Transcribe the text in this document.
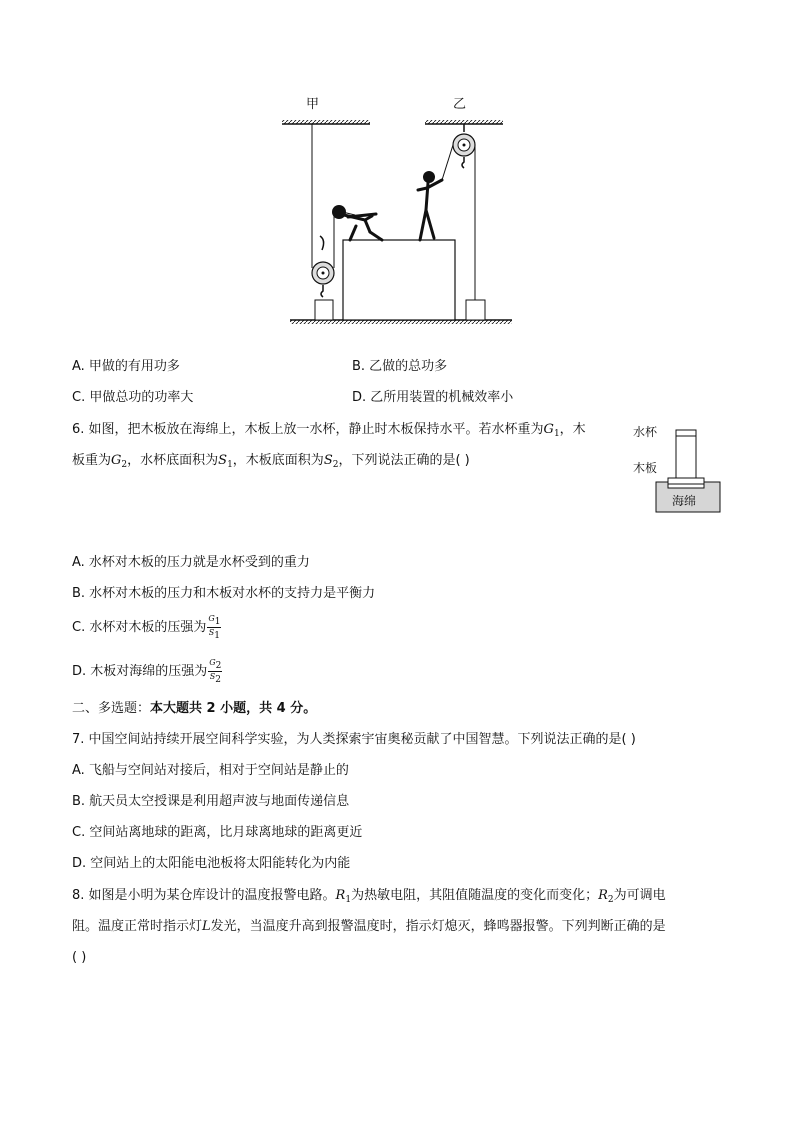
甲	乙
A. 甲做的有用功多	B. 乙做的总功多
C. 甲做总功的功率大	D. 乙所用装置的机械效率小
6. 如图，把木板放在海绵上，木板上放一水杯，静止时木板保持水平。若水杯重为$G_1$，木
板重为$G_2$，水杯底面积为$S_1$，木板底面积为$S_2$，下列说法正确的是( )
水杯
木板
海绵
A. 水杯对木板的压力就是水杯受到的重力
B. 水杯对木板的压力和木板对水杯的支持力是平衡力
C. 水杯对木板的压强为 $\frac{G1}{S1}$
D. 木板对海绵的压强为 $\frac{G2}{S2}$
二、多选题：本大题共 2 小题，共 4 分。
7. 中国空间站持续开展空间科学实验，为人类探索宇宙奥秘贡献了中国智慧。下列说法正确的是( )
A. 飞船与空间站对接后，相对于空间站是静止的
B. 航天员太空授课是利用超声波与地面传递信息
C. 空间站离地球的距离，比月球离地球的距离更近
D. 空间站上的太阳能电池板将太阳能转化为内能
8. 如图是小明为某仓库设计的温度报警电路。$R_1$为热敏电阻，其阻值随温度的变化而变化；$R_2$为可调电
阻。温度正常时指示灯L发光，当温度升高到报警温度时，指示灯熄灭，蜂鸣器报警。下列判断正确的是
( )
